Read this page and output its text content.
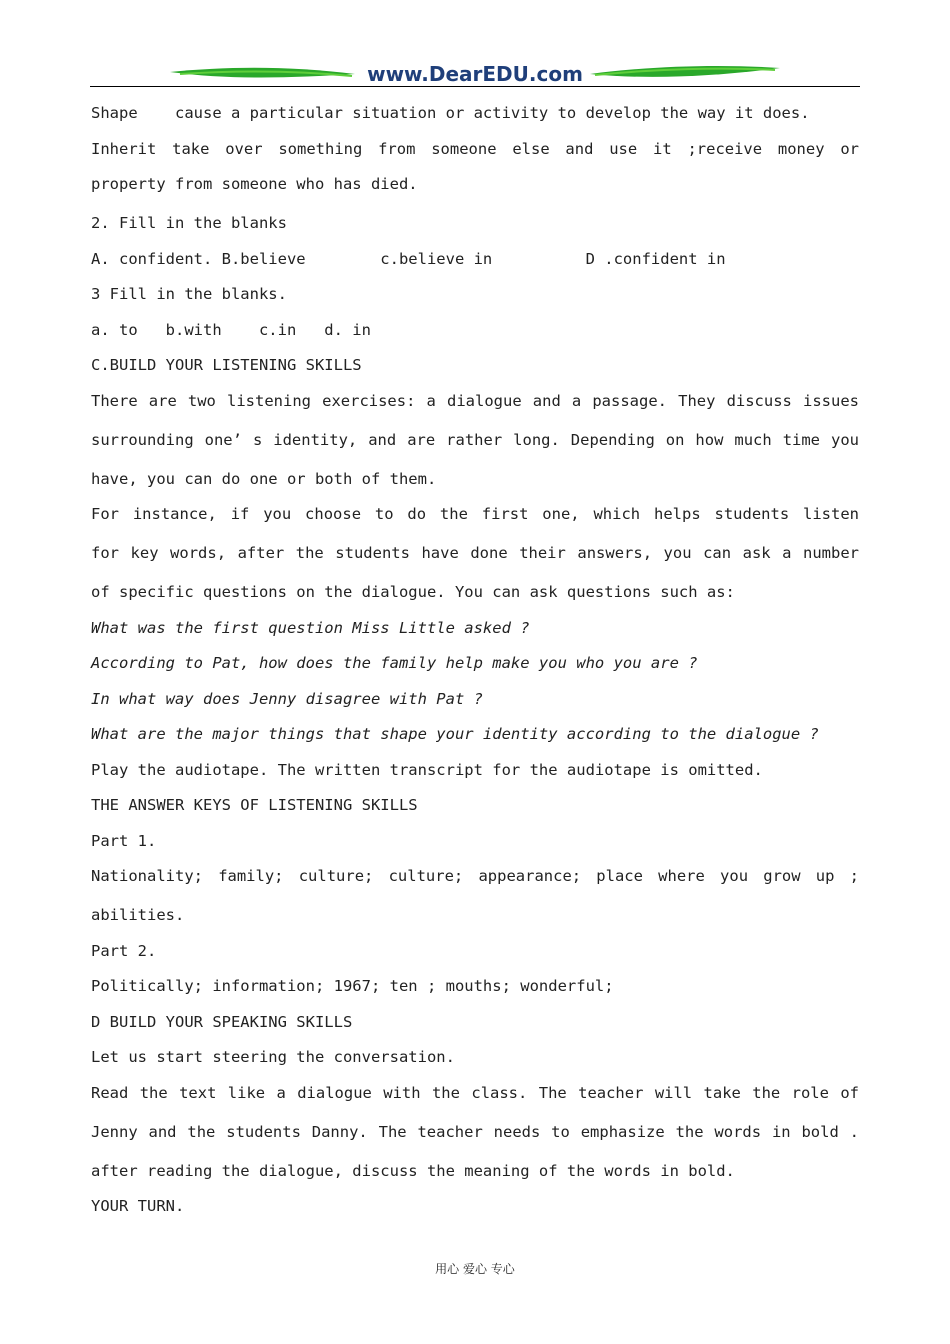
www.DearEDU.com
Shape    cause a particular situation or activity to develop the way it does.
Inherit take over something from someone else and use it ;receive money or
property from someone who has died.
2. Fill in the blanks
A. confident. B.believe        c.believe in          D .confident in
3 Fill in the blanks.
a. to   b.with    c.in   d. in
C.BUILD YOUR LISTENING SKILLS
There are two listening exercises: a dialogue and a passage. They discuss issues
surrounding one’ s identity, and are rather long. Depending on how much time you
have, you can do one or both of them.
For instance, if you choose to do the first one, which helps students listen
for key words, after the students have done their answers, you can ask a number
of specific questions on the dialogue. You can ask questions such as:
What was the first question Miss Little asked ?
According to Pat, how does the family help make you who you are ?
In what way does Jenny disagree with Pat ?
What are the major things that shape your identity according to the dialogue ?
Play the audiotape. The written transcript for the audiotape is omitted.
THE ANSWER KEYS OF LISTENING SKILLS
Part 1.
Nationality; family; culture; culture; appearance; place where you grow up ;
abilities.
Part 2.
Politically; information; 1967; ten ; mouths; wonderful;
D BUILD YOUR SPEAKING SKILLS
Let us start steering the conversation.
Read the text like a dialogue with the class. The teacher will take the role of
Jenny and the students Danny. The teacher needs to emphasize the words in bold .
after reading the dialogue, discuss the meaning of the words in bold.
YOUR TURN.
用心 爱心 专心
